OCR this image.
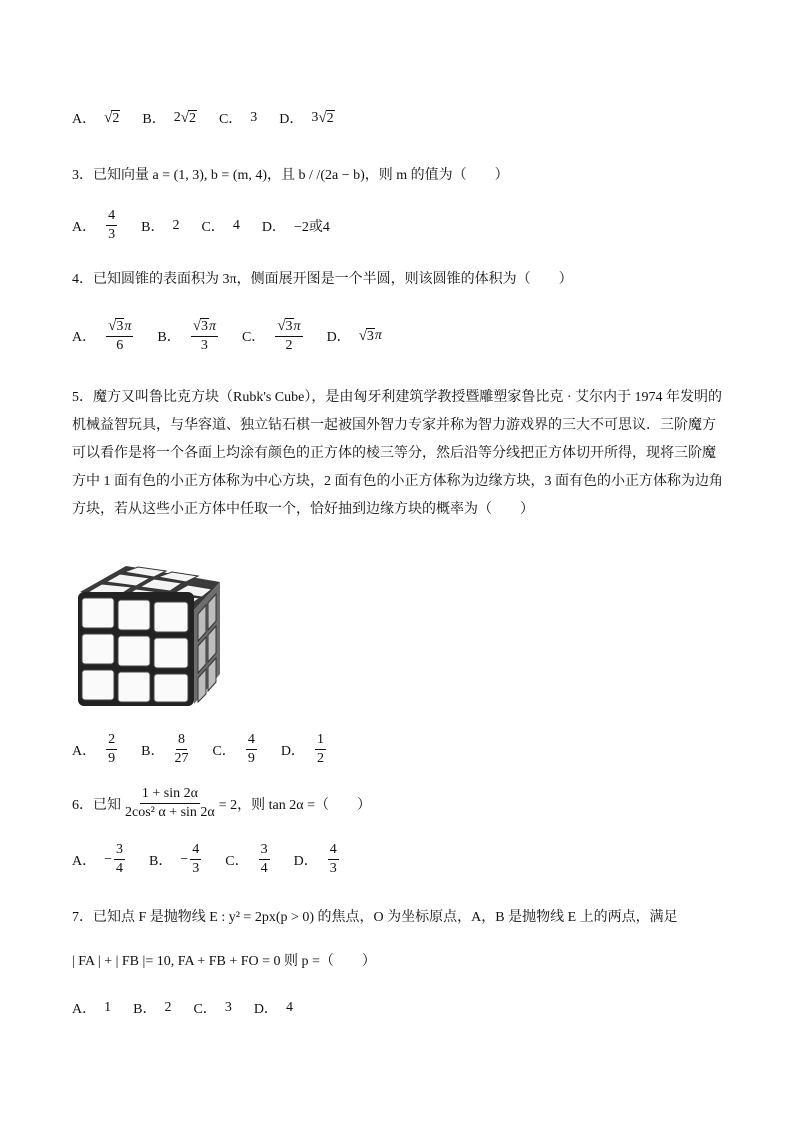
A． √ 2 B． 2 √ 2 C． 3 D． 3 √ 2
3．已知向量 a = (1, 3), b = (m, 4)，且 b / /(2a − b)，则 m 的值为（　　）
A． $\frac{4}{3}$ B． 2 C． 4 D． −2或4
4．已知圆锥的表面积为 3π，侧面展开图是一个半圆，则该圆锥的体积为（　　）
A． $\frac{√ 3 \pi}{6}$ B． $\frac{√ 3 \pi}{3}$ C． $\frac{√ 3 \pi}{2}$ D． √ 3 π
5．魔方又叫鲁比克方块（Rubk's Cube），是由匈牙利建筑学教授暨雕塑家鲁比克 · 艾尔内于 1974 年发明的
机械益智玩具，与华容道、独立钻石棋一起被国外智力专家并称为智力游戏界的三大不可思议．三阶魔方
可以看作是将一个各面上均涂有颜色的正方体的棱三等分，然后沿等分线把正方体切开所得，现将三阶魔
方中 1 面有色的小正方体称为中心方块，2 面有色的小正方体称为边缘方块，3 面有色的小正方体称为边角
方块，若从这些小正方体中任取一个，恰好抽到边缘方块的概率为（　　）
A． $\frac{2}{9}$ B． $\frac{8}{27}$ C． $\frac{4}{9}$ D． $\frac{1}{2}$
6．已知 $\frac{1 + \sin 2\alpha}{\text{2cos² α + sin 2α}} = 2$，则 tan 2α =（　　）
A． − $\frac{3}{4}$ B． − $\frac{4}{3}$ C． $\frac{3}{4}$ D． $\frac{4}{3}$
7．已知点 F 是抛物线 E : y² = 2px(p > 0) 的焦点，O 为坐标原点，A，B 是抛物线 E 上的两点，满足
| FA | + | FB |= 10, FA + FB + FO = 0 则 p =（　　）
A． 1 B． 2 C． 3 D． 4
